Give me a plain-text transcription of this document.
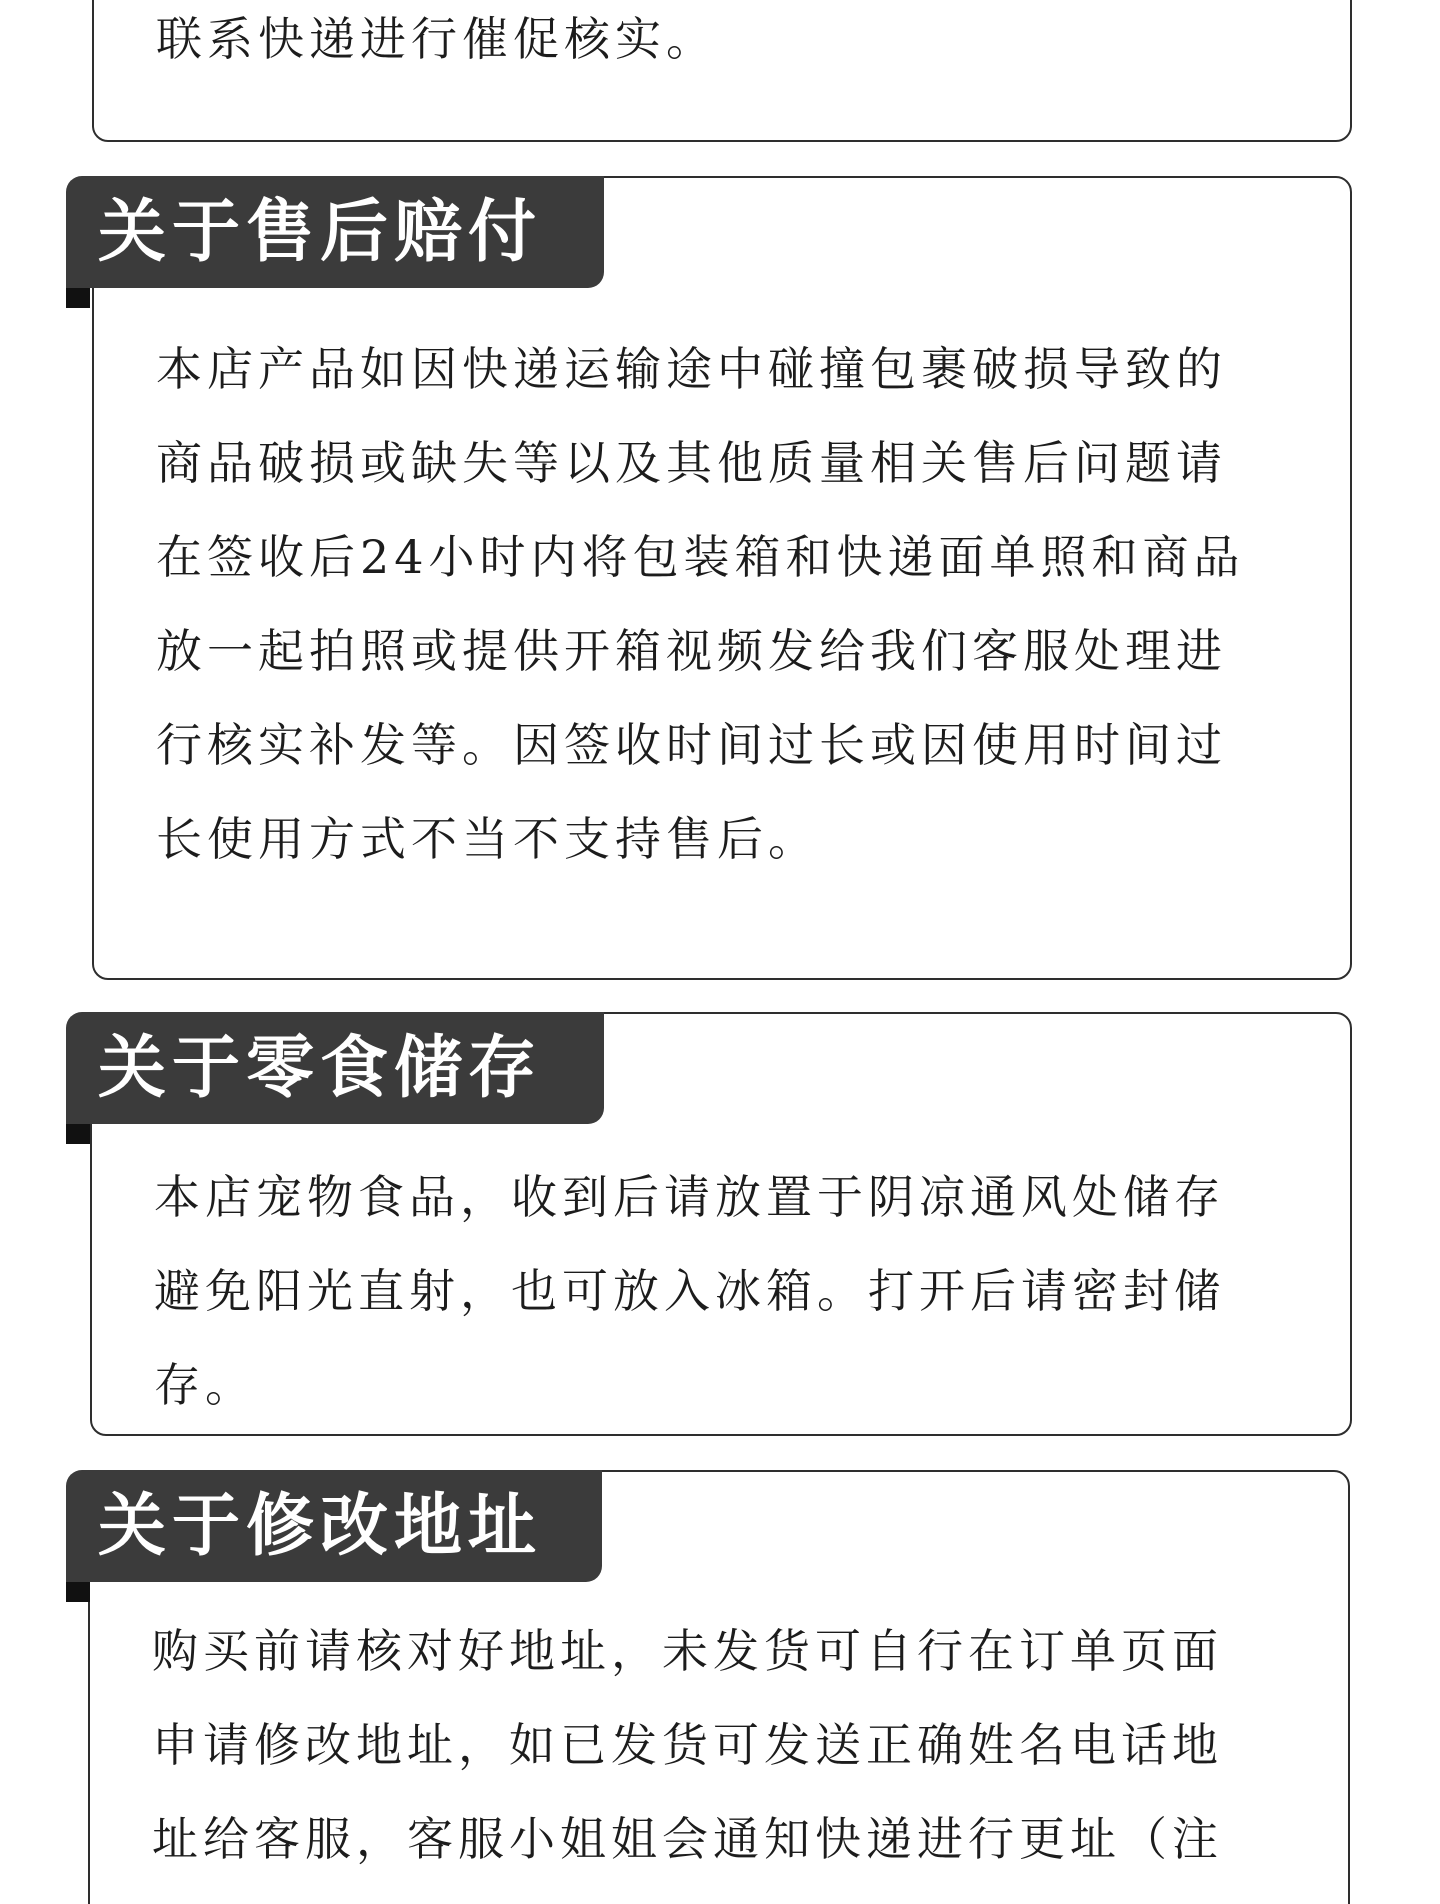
联系快递进行催促核实。
本店产品如因快递运输途中碰撞包裹破损导致的
商品破损或缺失等以及其他质量相关售后问题请
在签收后24小时内将包装箱和快递面单照和商品
放一起拍照或提供开箱视频发给我们客服处理进
行核实补发等。因签收时间过长或因使用时间过
长使用方式不当不支持售后。
关于售后赔付
本店宠物食品，收到后请放置于阴凉通风处储存
避免阳光直射，也可放入冰箱。打开后请密封储
存。
关于零食储存
购买前请核对好地址，未发货可自行在订单页面
申请修改地址，如已发货可发送正确姓名电话地
址给客服，客服小姐姐会通知快递进行更址（注
关于修改地址
